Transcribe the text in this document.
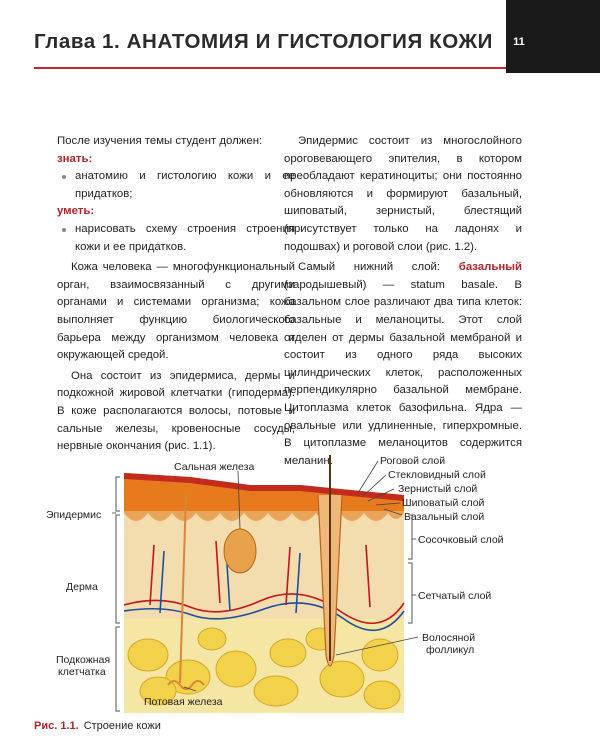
Глава 1. АНАТОМИЯ И ГИСТОЛОГИЯ КОЖИ	11

После изучения темы студент должен:

знать:

анатомию и гистологию кожи и ее придатков;

уметь:

нарисовать схему строения строения кожи и ее придатков.

Кожа человека — многофункциональный орган, взаимосвязанный с другими органами и системами организма; кожа выполняет функцию биологического барьера между организмом человека и окружающей средой.

Она состоит из эпидермиса, дермы и подкожной жировой клетчатки (гиподерма). В коже располагаются волосы, потовые и сальные железы, кровеносные сосуды, нервные окончания (рис. 1.1).

Эпидермис состоит из многослойного ороговевающего эпителия, в котором преобладают кератиноциты; они постоянно обновляются и формируют базальный, шиповатый, зернистый, блестящий (присутствует только на ладонях и подошвах) и роговой слои (рис. 1.2).

Самый нижний слой: базальный (зародышевый) — statum basale. В базальном слое различают два типа клеток: базальные и меланоциты. Этот слой отделен от дермы базальной мембраной и состоит из одного ряда высоких цилиндрических клеток, расположенных перпендикулярно базальной мембране. Цитоплазма клеток базофильна. Ядра — овальные или удлиненные, гиперхромные. В цитоплазме меланоцитов содержится меланин.

Сальная железа
Эпидермис
Дерма
Подкожная
клетчатка
Потовая железа
Роговой слой
Стекловидный слой
Зернистый слой
Шиповатый слой
Базальный слой
Сосочковый слой
Сетчатый слой
Волосяной
фолликул
Рис. 1.1. Строение кожи
